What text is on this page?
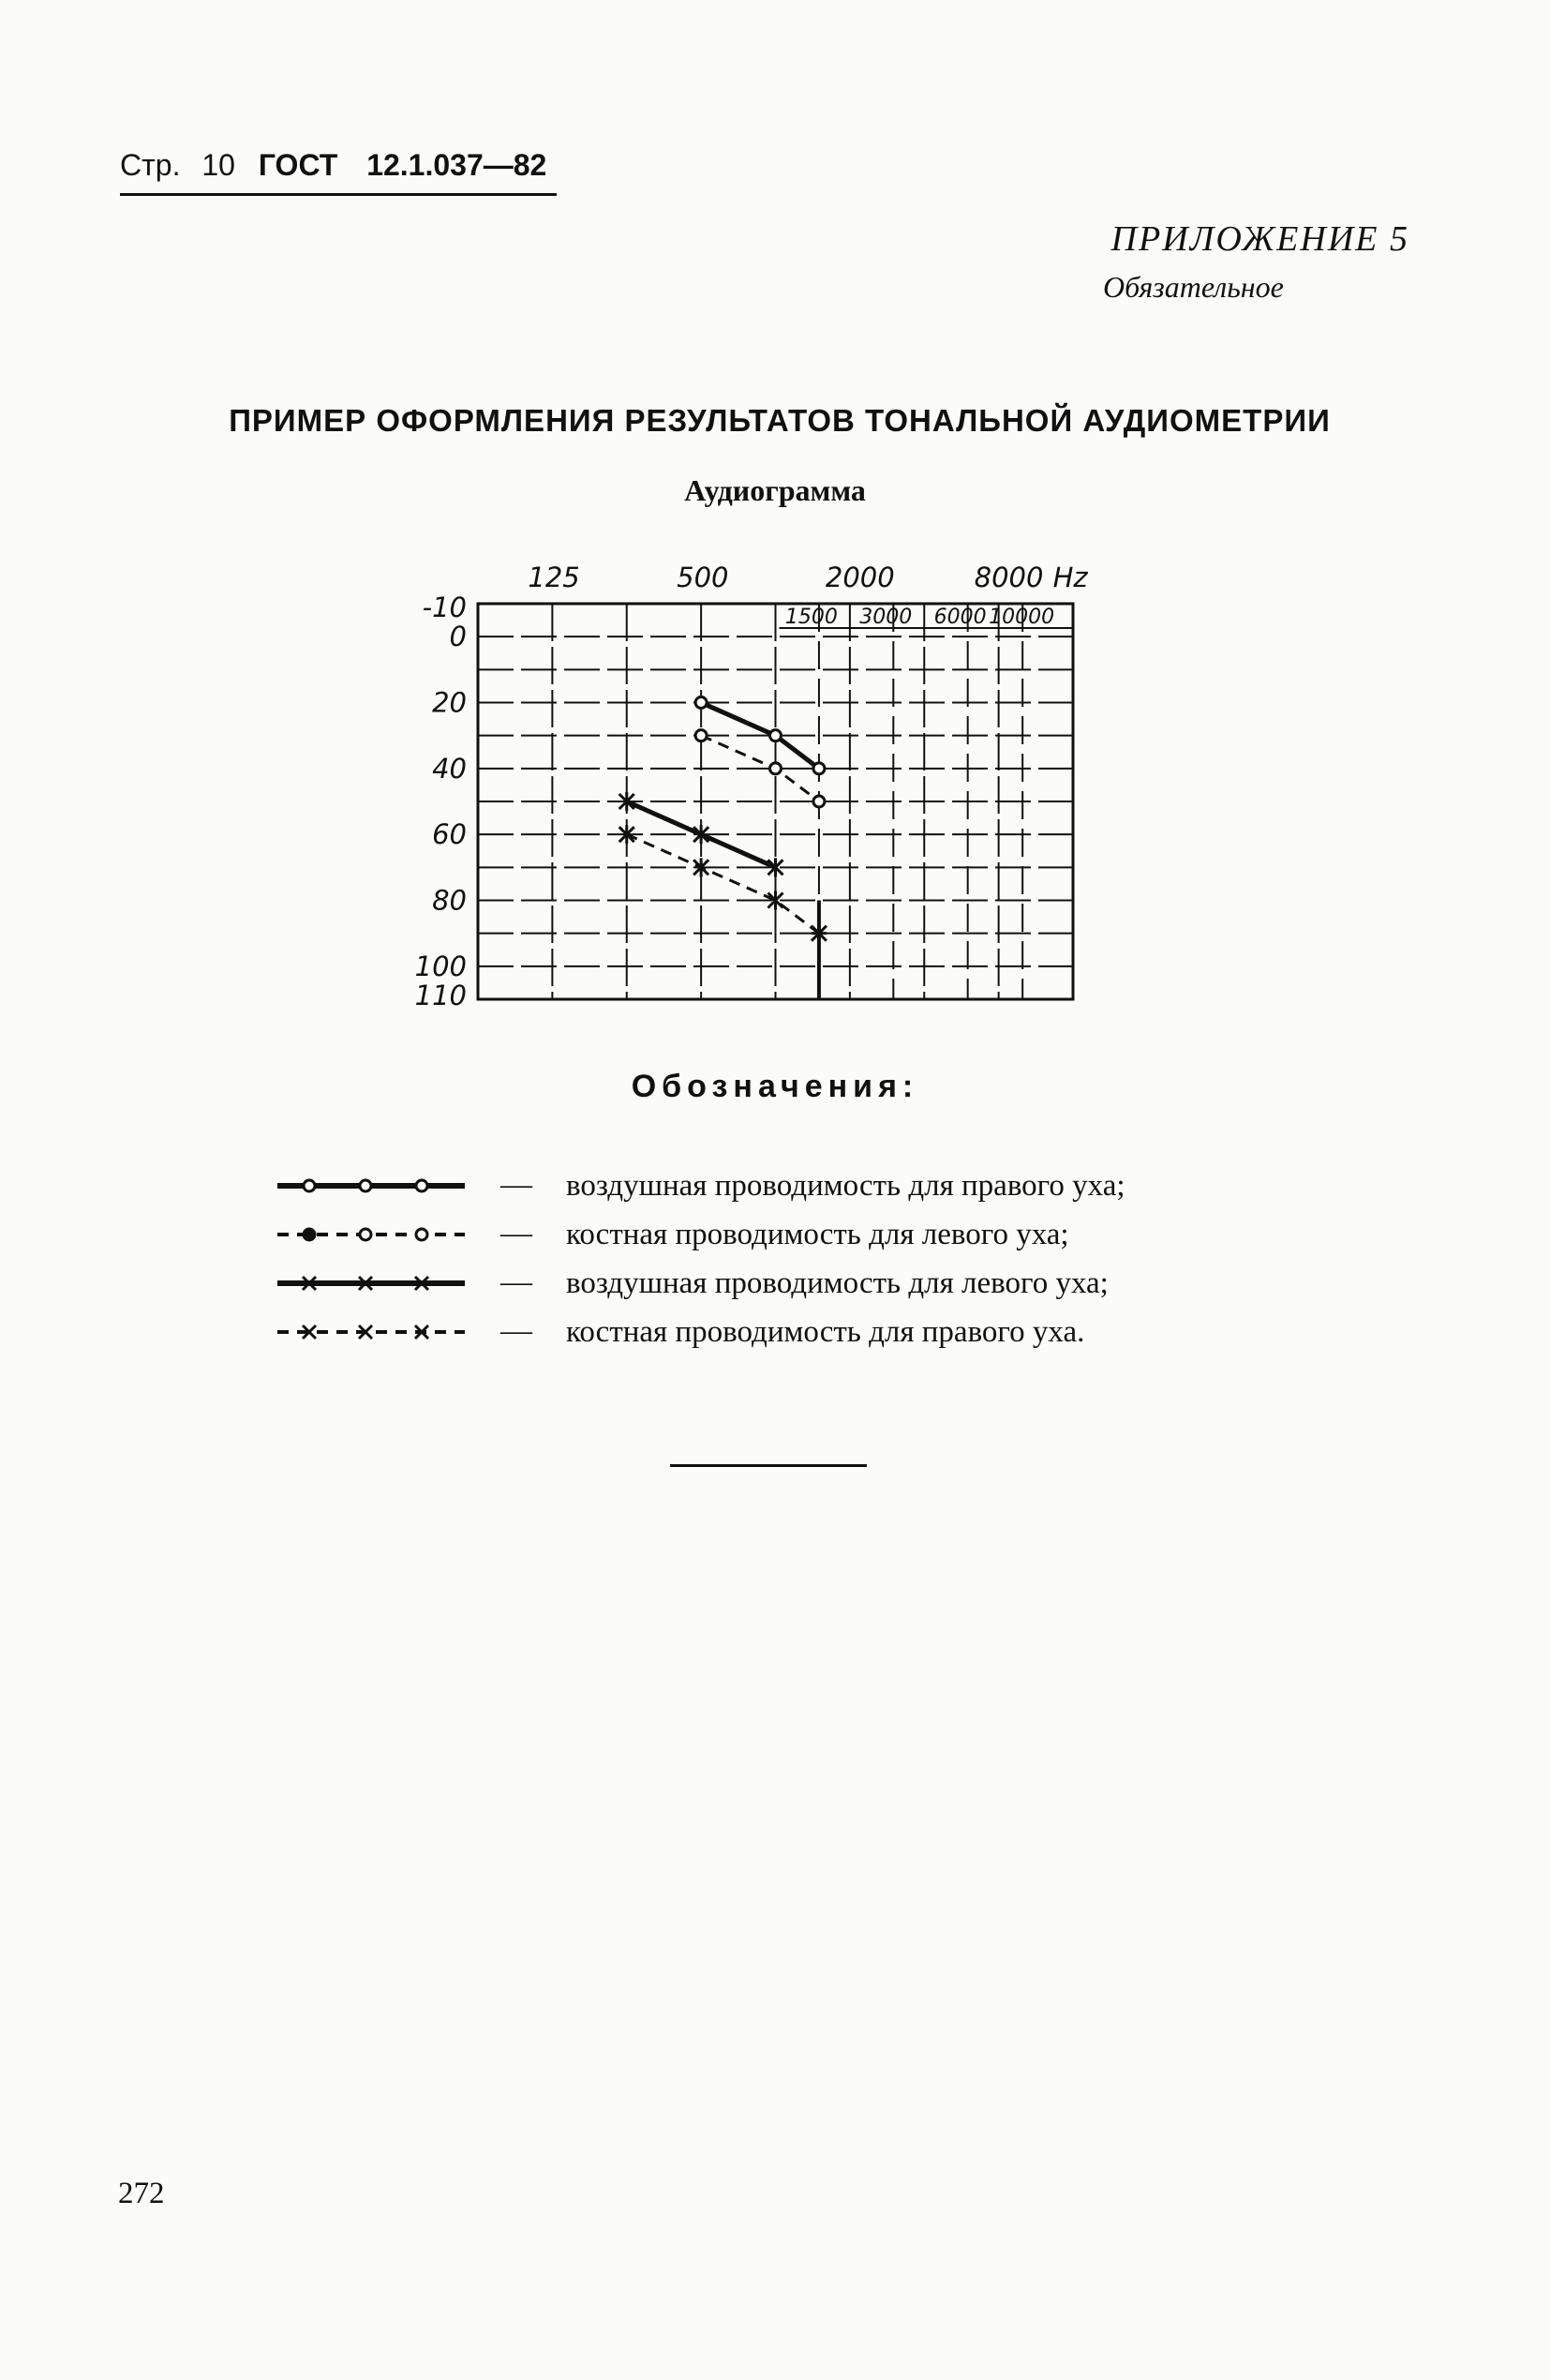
Стр. 10 ГОСТ 12.1.037—82
ПРИЛОЖЕНИЕ 5
Обязательное
ПРИМЕР ОФОРМЛЕНИЯ РЕЗУЛЬТАТОВ ТОНАЛЬНОЙ АУДИОМЕТРИИ
Аудиограмма
125	500	2000	8000 Hz
1500 3000 6000 10000
-10
0
20
40
60
80
100
110
Обозначения:
— воздушная проводимость для правого уха;
— костная проводимость для левого уха;
— воздушная проводимость для левого уха;
— костная проводимость для правого уха.
272
